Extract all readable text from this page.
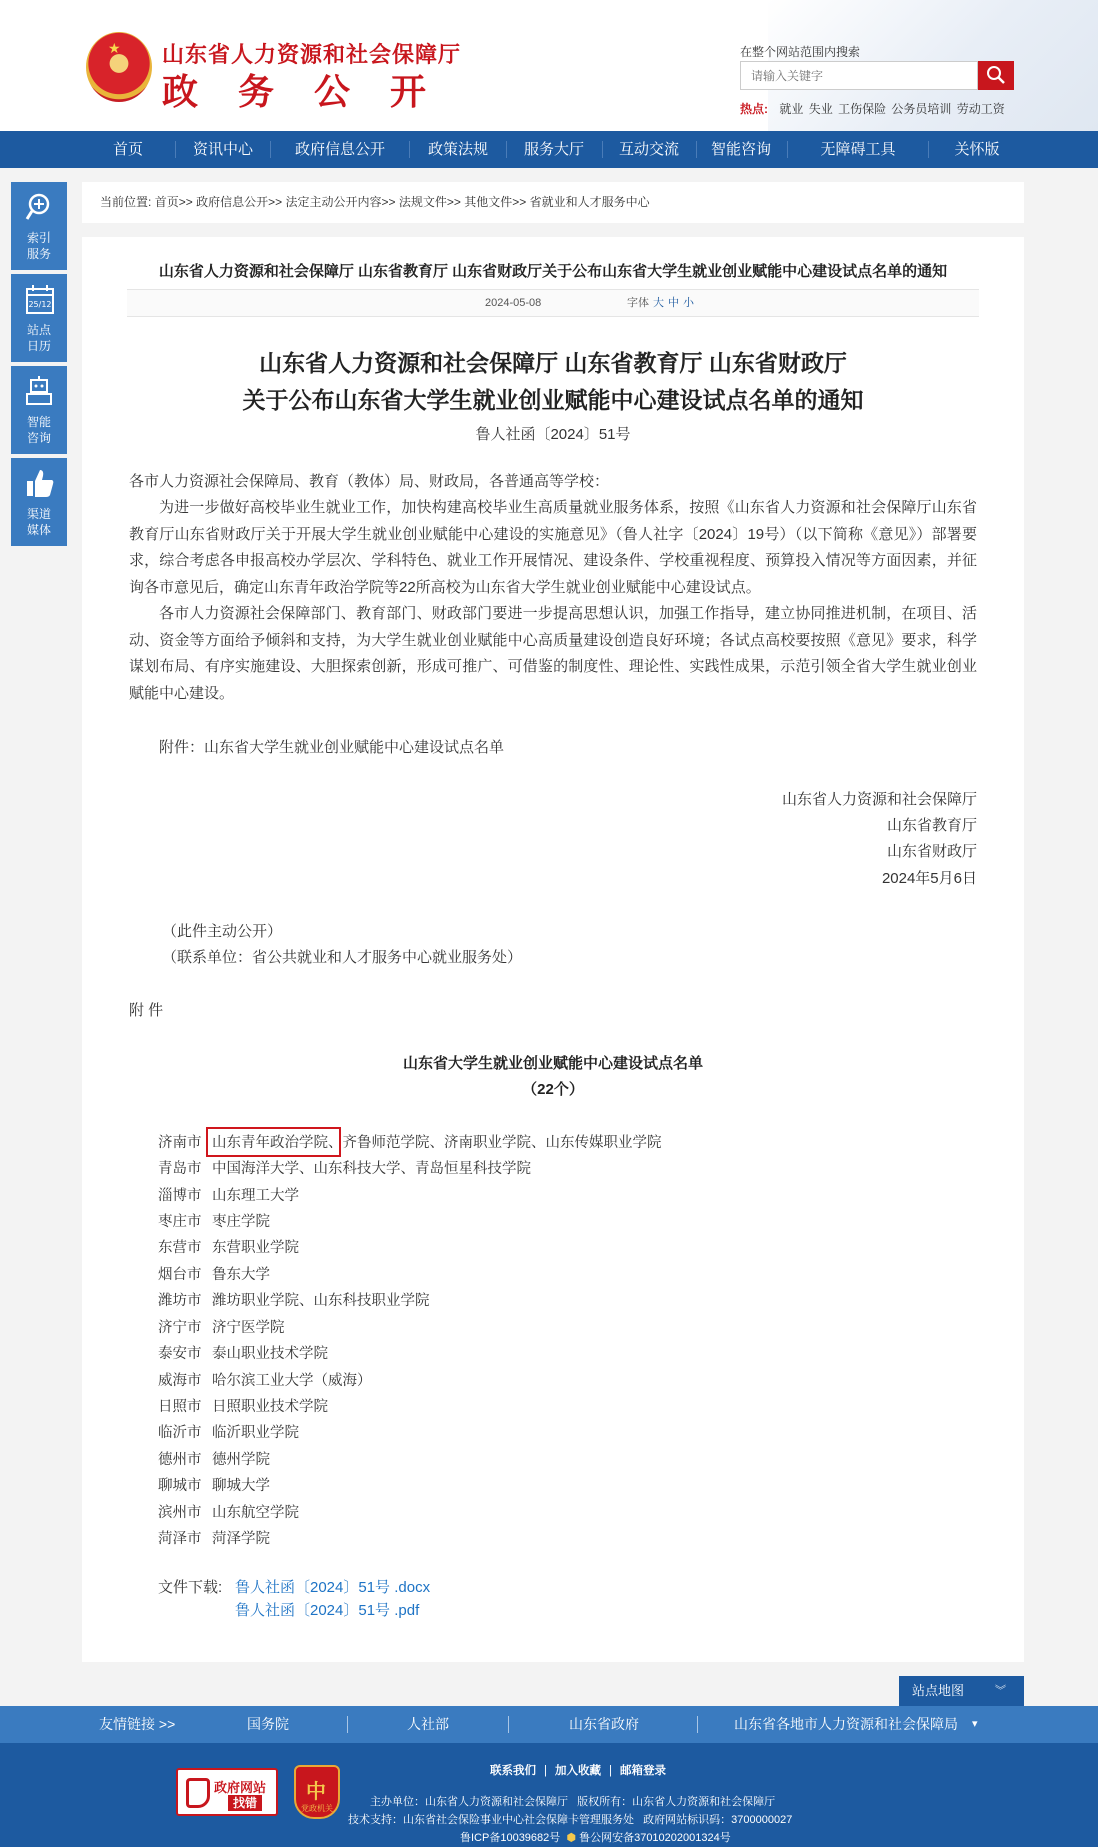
★ 山东省人力资源和社会保障厅
政务公开
在整个网站范围内搜索
请输入关键字
热点: 就业 失业 工伤保险 公务员培训 劳动工资
首页	资讯中心	政府信息公开	政策法规	服务大厅	互动交流	智能咨询	无障碍工具	关怀版
索引
服务
25/12
站点
日历
智能
咨询
渠道
媒体
当前位置: 首页>> 政府信息公开>> 法定主动公开内容>> 法规文件>> 其他文件>> 省就业和人才服务中心
山东省人力资源和社会保障厅 山东省教育厅 山东省财政厅关于公布山东省大学生就业创业赋能中心建设试点名单的通知
2024-05-08	字体 大 中 小
山东省人力资源和社会保障厅 山东省教育厅 山东省财政厅
关于公布山东省大学生就业创业赋能中心建设试点名单的通知
鲁人社函〔2024〕51号
各市人力资源社会保障局、教育（教体）局、财政局，各普通高等学校：
为进一步做好高校毕业生就业工作，加快构建高校毕业生高质量就业服务体系，按照《山东省人力资源和社会保障厅山东省教育厅山东省财政厅关于开展大学生就业创业赋能中心建设的实施意见》（鲁人社字〔2024〕19号）（以下简称《意见》）部署要求，综合考虑各申报高校办学层次、学科特色、就业工作开展情况、建设条件、学校重视程度、预算投入情况等方面因素，并征询各市意见后，确定山东青年政治学院等22所高校为山东省大学生就业创业赋能中心建设试点。
各市人力资源社会保障部门、教育部门、财政部门要进一步提高思想认识，加强工作指导，建立协同推进机制，在项目、活动、资金等方面给予倾斜和支持，为大学生就业创业赋能中心高质量建设创造良好环境；各试点高校要按照《意见》要求，科学谋划布局、有序实施建设、大胆探索创新，形成可推广、可借鉴的制度性、理论性、实践性成果，示范引领全省大学生就业创业赋能中心建设。
附件：山东省大学生就业创业赋能中心建设试点名单
山东省人力资源和社会保障厅
山东省教育厅
山东省财政厅
2024年5月6日
（此件主动公开）
（联系单位：省公共就业和人才服务中心就业服务处）
附 件
山东省大学生就业创业赋能中心建设试点名单
（22个）
济南市 山东青年政治学院、齐鲁师范学院、济南职业学院、山东传媒职业学院
青岛市 中国海洋大学、山东科技大学、青岛恒星科技学院
淄博市 山东理工大学
枣庄市 枣庄学院
东营市 东营职业学院
烟台市 鲁东大学
潍坊市 潍坊职业学院、山东科技职业学院
济宁市 济宁医学院
泰安市 泰山职业技术学院
威海市 哈尔滨工业大学（威海）
日照市 日照职业技术学院
临沂市 临沂职业学院
德州市 德州学院
聊城市 聊城大学
滨州市 山东航空学院
菏泽市 菏泽学院
文件下载: 鲁人社函〔2024〕51号 .docx
鲁人社函〔2024〕51号 .pdf
站点地图	︾
友情链接 >>	国务院	人社部	山东省政府	山东省各地市人力资源和社会保障局 ▾
政府网站
找错 中
党政机关
联系我们 | 加入收藏 | 邮箱登录
主办单位：山东省人力资源和社会保障厅 版权所有：山东省人力资源和社会保障厅
技术支持：山东省社会保险事业中心社会保障卡管理服务处 政府网站标识码：3700000027
鲁ICP备10039682号 ⬢ 鲁公网安备37010202001324号
